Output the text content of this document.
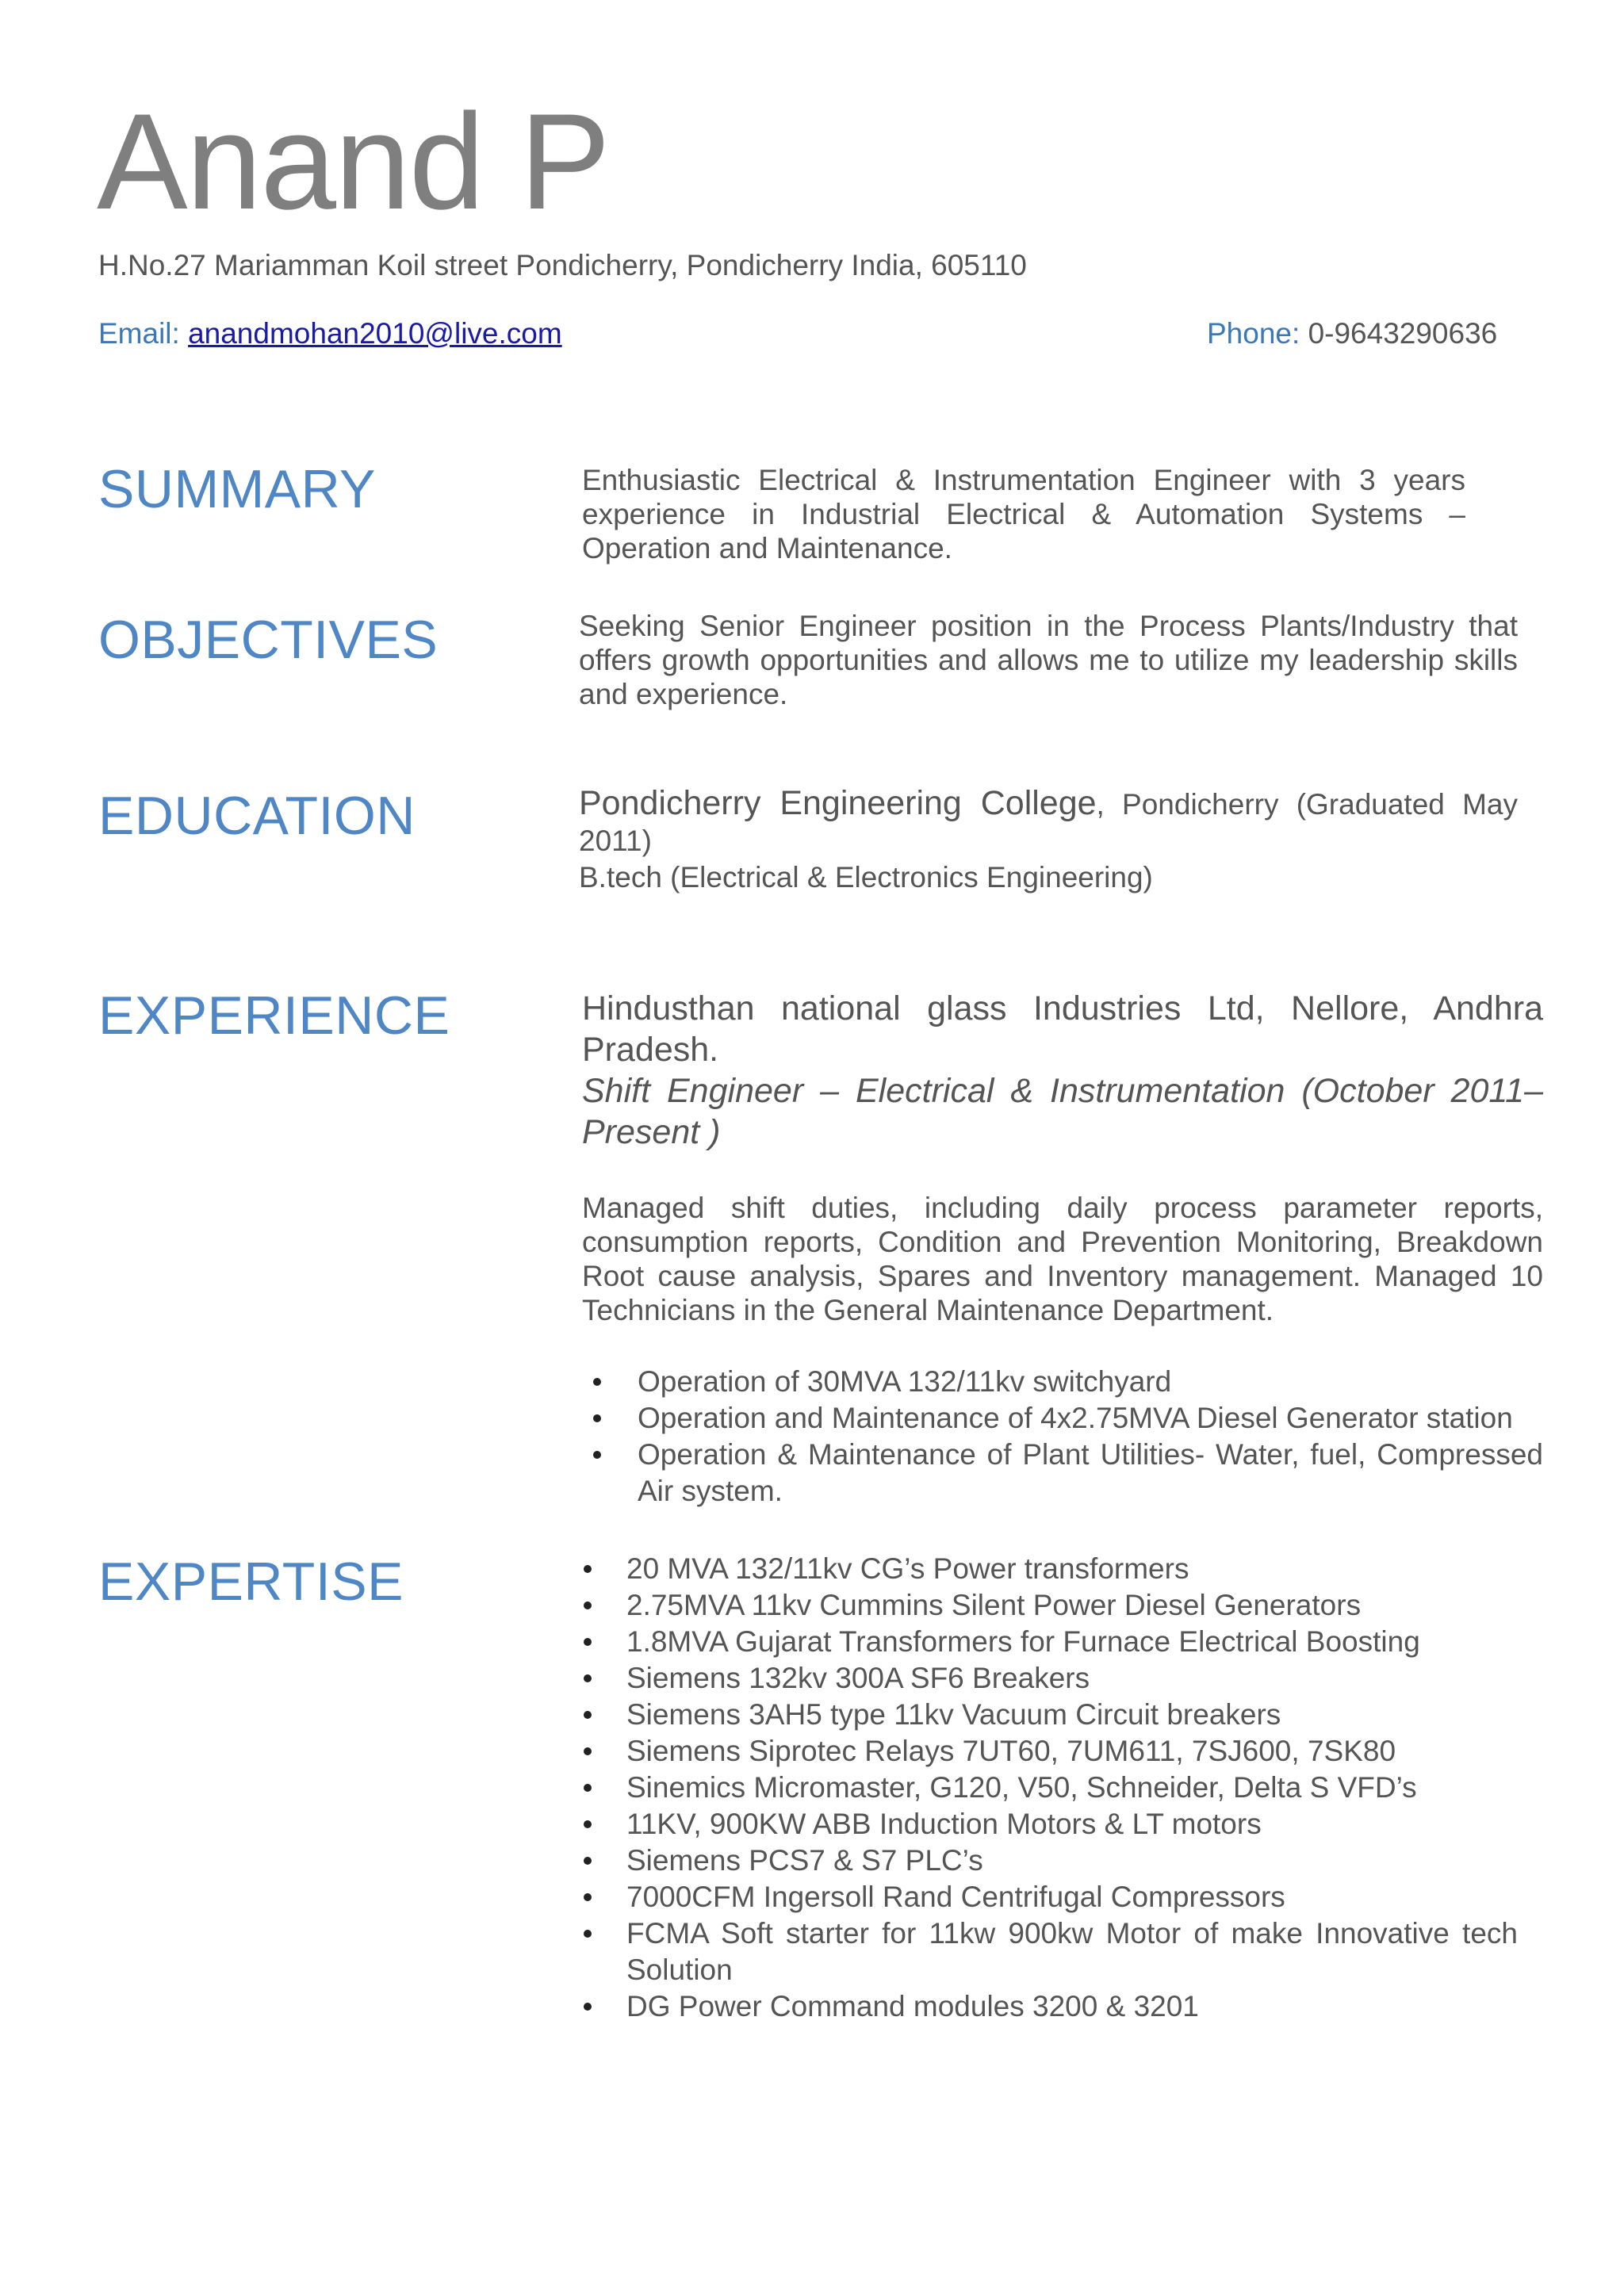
Anand P
H.No.27 Mariamman Koil street Pondicherry, Pondicherry India, 605110
Email: anandmohan2010@live.com	Phone: 0-9643290636
SUMMARY	Enthusiastic Electrical & Instrumentation Engineer with 3 years experience in Industrial Electrical & Automation Systems – Operation and Maintenance.

OBJECTIVES	Seeking Senior Engineer position in the Process Plants/Industry that offers growth opportunities and allows me to utilize my leadership skills and experience.

EDUCATION	Pondicherry Engineering College, Pondicherry (Graduated May 2011)

B.tech (Electrical & Electronics Engineering)

EXPERIENCE	Hindusthan national glass Industries Ltd, Nellore, Andhra Pradesh.

Shift Engineer – Electrical & Instrumentation (October 2011– Present )

Managed shift duties, including daily process parameter reports, consumption reports, Condition and Prevention Monitoring, Breakdown Root cause analysis, Spares and Inventory management. Managed 10 Technicians in the General Maintenance Department.

Operation of 30MVA 132/11kv switchyard
Operation and Maintenance of 4x2.75MVA Diesel Generator station
Operation & Maintenance of Plant Utilities- Water, fuel, Compressed Air system.
EXPERTISE	20 MVA 132/11kv CG’s Power transformers
2.75MVA 11kv Cummins Silent Power Diesel Generators
1.8MVA Gujarat Transformers for Furnace Electrical Boosting
Siemens 132kv 300A SF6 Breakers
Siemens 3AH5 type 11kv Vacuum Circuit breakers
Siemens Siprotec Relays 7UT60, 7UM611, 7SJ600, 7SK80
Sinemics Micromaster, G120, V50, Schneider, Delta S VFD’s
11KV, 900KW ABB Induction Motors & LT motors
Siemens PCS7 & S7 PLC’s
7000CFM Ingersoll Rand Centrifugal Compressors
FCMA Soft starter for 11kw 900kw Motor of make Innovative tech Solution
DG Power Command modules 3200 & 3201
